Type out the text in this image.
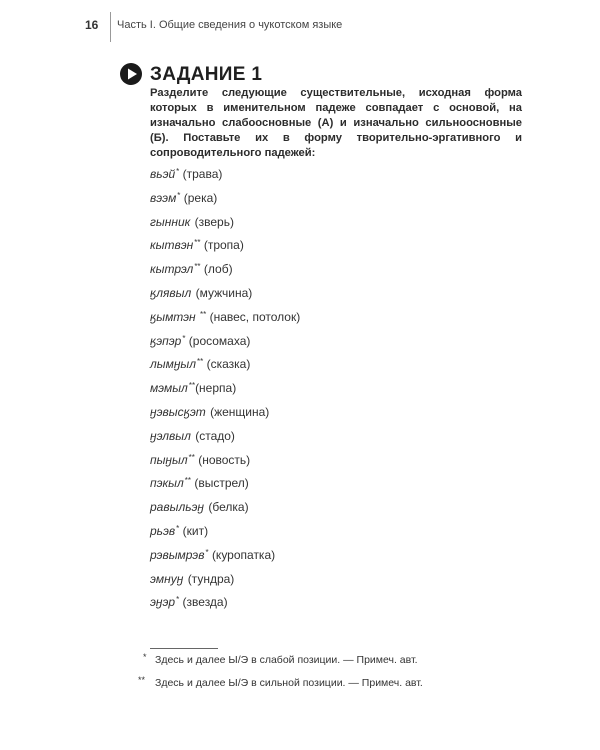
16 Часть I. Общие сведения о чукотском языке
ЗАДАНИЕ 1
Разделите следующие существительные, исходная форма которых в именительном падеже совпадает с основой, на изначально слабоосновные (А) и изначально сильноосновные (Б). Поставьте их в форму творительно-эргативного и сопроводительного падежей:
вьэй* (трава)
вээм* (река)
гынник (зверь)
кытвэн** (тропа)
кытрэл** (лоб)
ӄлявыл (мужчина)
ӄымтэн ** (навес, потолок)
ӄэпэр* (росомаха)
лымӈыл** (сказка)
мэмыл**(нерпа)
ӈэвысӄэт (женщина)
ӈэлвыл (стадо)
пыӈыл** (новость)
пэкыл** (выстрел)
равыльэӈ (белка)
рьэв* (кит)
рэвымрэв* (куропатка)
эмнуӈ (тундра)
эӈэр* (звезда)
* Здесь и далее Ы/Э в слабой позиции. — Примеч. авт.
** Здесь и далее Ы/Э в сильной позиции. — Примеч. авт.
